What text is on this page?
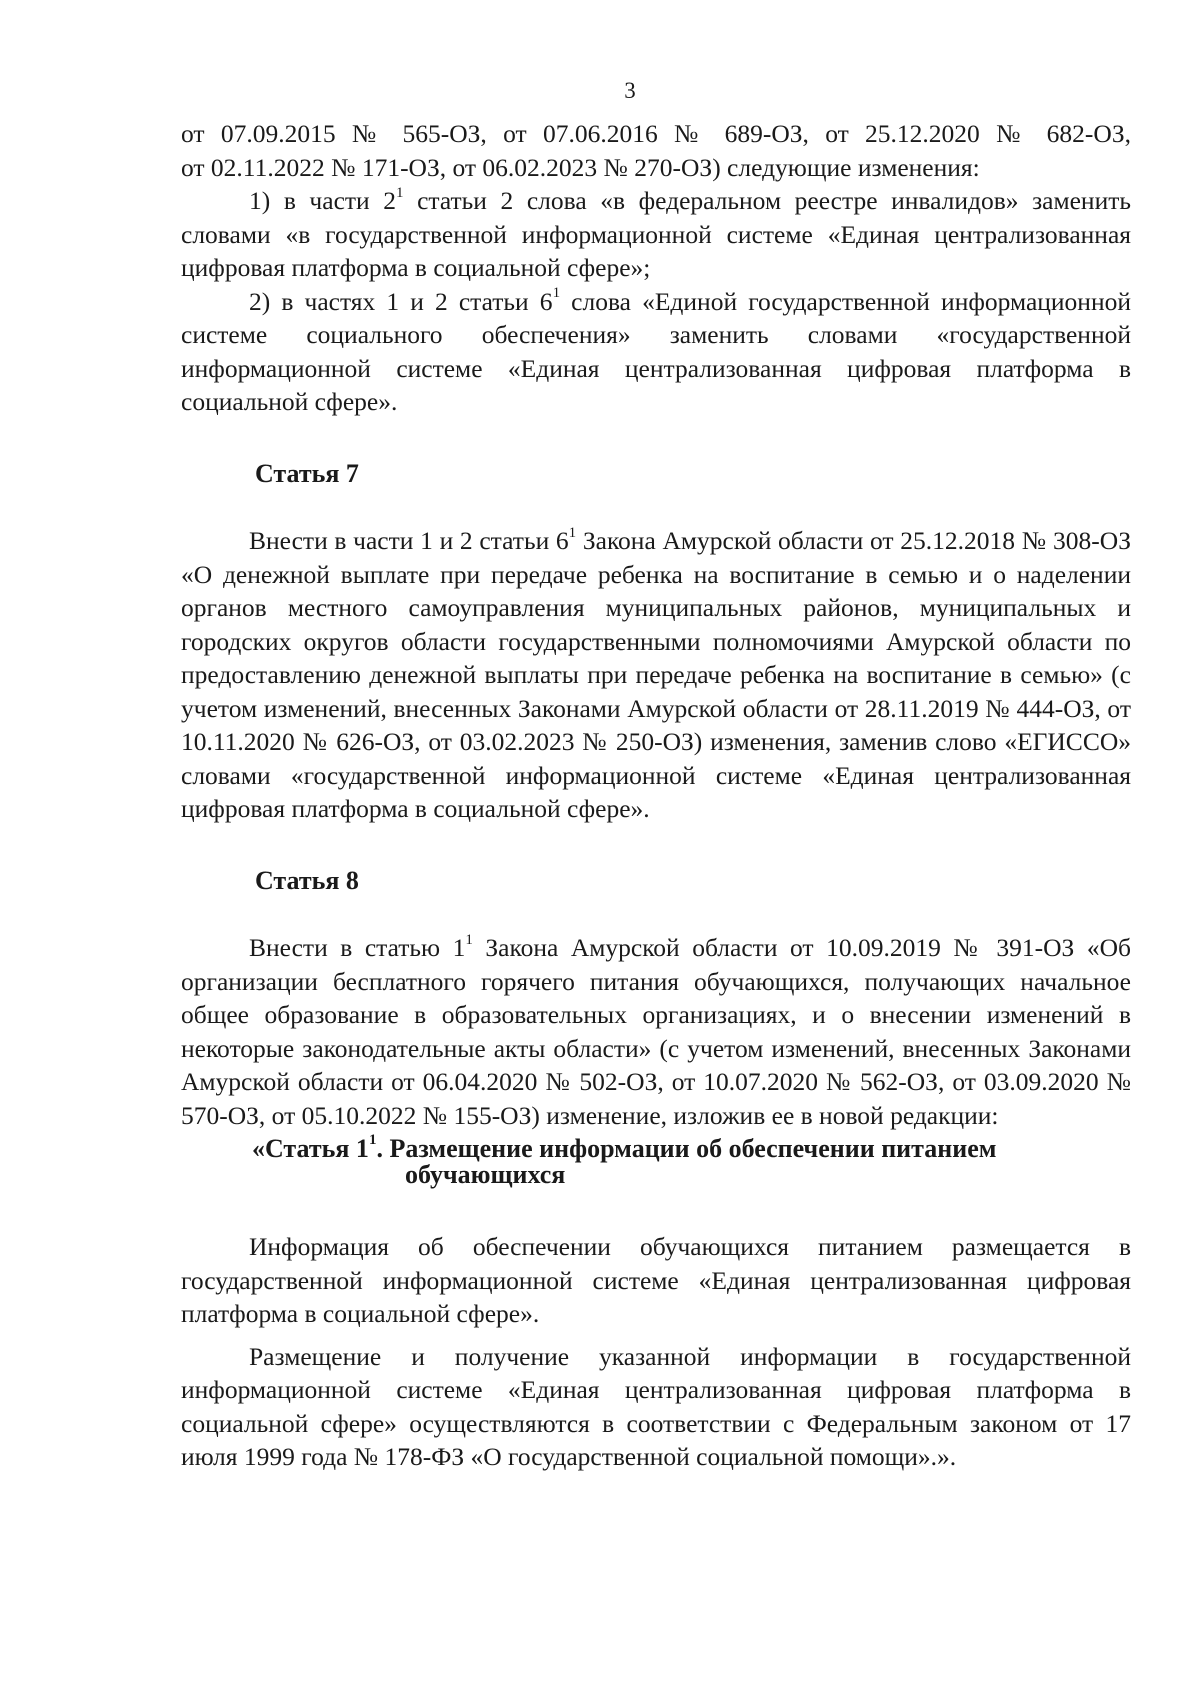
3

от 07.09.2015 № 565-ОЗ, от 07.06.2016 № 689-ОЗ, от 25.12.2020 № 682-ОЗ,

от 02.11.2022 № 171-ОЗ, от 06.02.2023 № 270-ОЗ) следующие изменения:

1) в части $2^1$ статьи 2 слова «в федеральном реестре инвалидов» заменить словами «в государственной информационной системе «Единая централизованная цифровая платформа в социальной сфере»;

2) в частях 1 и 2 статьи $6^1$ слова «Единой государственной информационной системе социального обеспечения» заменить словами «государственной информационной системе «Единая централизованная цифровая платформа в социальной сфере».

Статья 7

Внести в части 1 и 2 статьи $6^1$ Закона Амурской области от 25.12.2018 № 308-ОЗ «О денежной выплате при передаче ребенка на воспитание в семью и о наделении органов местного самоуправления муниципальных районов, муниципальных и городских округов области государственными полномочиями Амурской области по предоставлению денежной выплаты при передаче ребенка на воспитание в семью» (с учетом изменений, внесенных Законами Амурской области от 28.11.2019 № 444-ОЗ, от 10.11.2020 № 626-ОЗ, от 03.02.2023 № 250-ОЗ) изменения, заменив слово «ЕГИССО» словами «государственной информационной системе «Единая централизованная цифровая платформа в социальной сфере».

Статья 8

Внести в статью $1^1$ Закона Амурской области от 10.09.2019 № 391-ОЗ «Об организации бесплатного горячего питания обучающихся, получающих начальное общее образование в образовательных организациях, и о внесении изменений в некоторые законодательные акты области» (с учетом изменений, внесенных Законами Амурской области от 06.04.2020 № 502-ОЗ, от 10.07.2020 № 562-ОЗ, от 03.09.2020 № 570-ОЗ, от 05.10.2022 № 155-ОЗ) изменение, изложив ее в новой редакции:

«Статья $1^1$. Размещение информации об обеспечении питанием
обучающихся

Информация об обеспечении обучающихся питанием размещается в государственной информационной системе «Единая централизованная цифровая платформа в социальной сфере».

Размещение и получение указанной информации в государственной информационной системе «Единая централизованная цифровая платформа в социальной сфере» осуществляются в соответствии с Федеральным законом от 17 июля 1999 года № 178-ФЗ «О государственной социальной помощи».».
